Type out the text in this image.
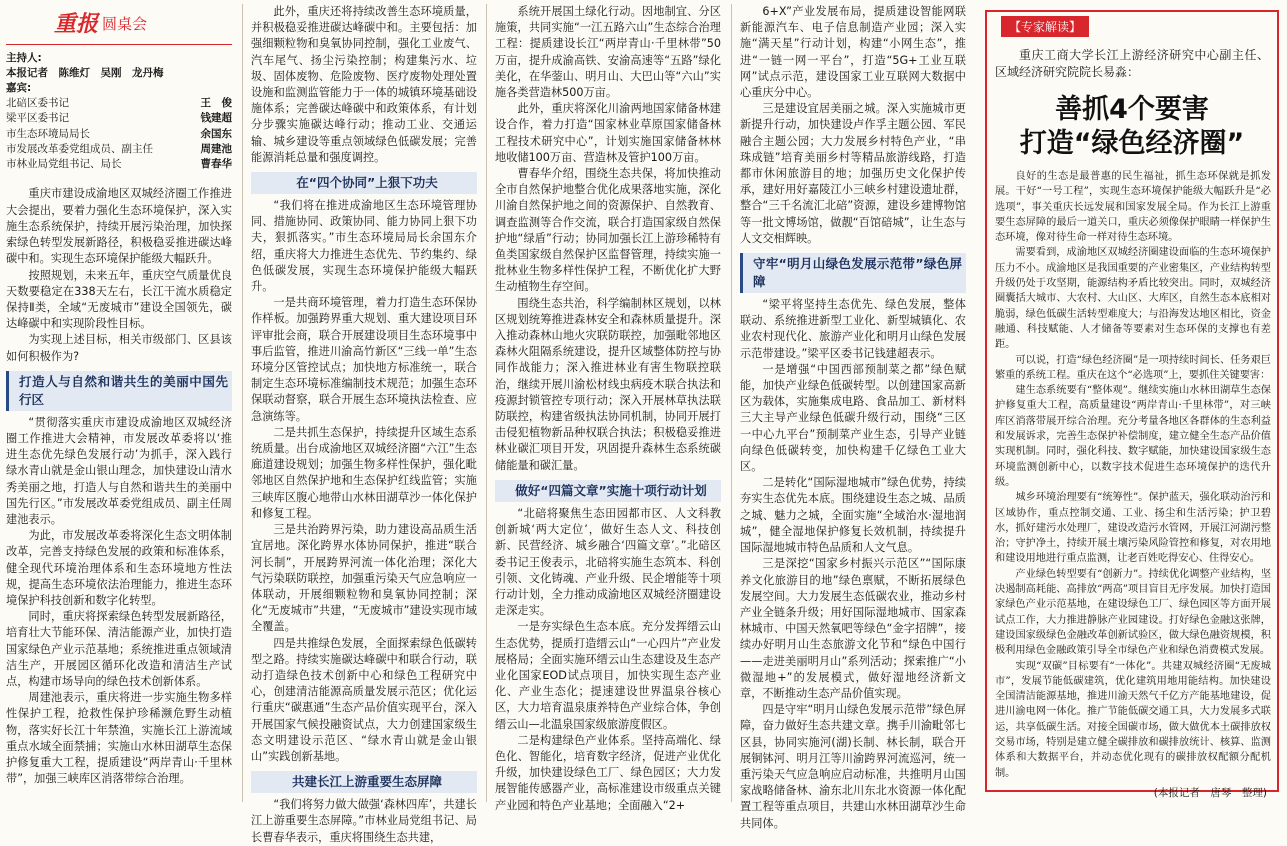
重报 圆桌会
主持人:
本报记者　陈维灯　吴刚　龙丹梅
嘉宾:
北碚区委书记	王　俊
梁平区委书记	钱建超
市生态环境局局长	余国东
市发展改革委党组成员、副主任	周建池
市林业局党组书记、局长	曹春华

重庆市建设成渝地区双城经济圈工作推进大会提出，要着力强化生态环境保护，深入实施生态系统保护，持续开展污染治理，加快探索绿色转型发展新路径，积极稳妥推进碳达峰碳中和。实现生态环境保护能级大幅跃升。

按照规划，未来五年，重庆空气质量优良天数要稳定在338天左右，长江干流水质稳定保持Ⅱ类，全域“无废城市”建设全国领先，碳达峰碳中和实现阶段性目标。

为实现上述目标，相关市级部门、区县该如何积极作为?

打造人与自然和谐共生的美丽中国先行区

“贯彻落实重庆市建设成渝地区双城经济圈工作推进大会精神，市发展改革委将以‘推进生态优先绿色发展行动’为抓手，深入践行绿水青山就是金山银山理念，加快建设山清水秀美丽之地，打造人与自然和谐共生的美丽中国先行区。”市发展改革委党组成员、副主任周建池表示。

为此，市发展改革委将深化生态文明体制改革，完善支持绿色发展的政策和标准体系，健全现代环境治理体系和生态环境地方性法规，提高生态环境依法治理能力，推进生态环境保护科技创新和数字化转型。

同时，重庆将探索绿色转型发展新路径，培育壮大节能环保、清洁能源产业，加快打造国家绿色产业示范基地；系统推进重点领域清洁生产，开展园区循环化改造和清洁生产试点，构建市场导向的绿色技术创新体系。

周建池表示，重庆将进一步实施生物多样性保护工程，抢救性保护珍稀濒危野生动植物，落实好长江十年禁渔，实施长江上游流域重点水域全面禁捕；实施山水林田湖草生态保护修复重大工程，提质建设“两岸青山·千里林带”，加强三峡库区消落带综合治理。

此外，重庆还将持续改善生态环境质量，并积极稳妥推进碳达峰碳中和。主要包括：加强细颗粒物和臭氧协同控制，强化工业废气、汽车尾气、扬尘污染控制；构建集污水、垃圾、固体废物、危险废物、医疗废物处理处置设施和监测监管能力于一体的城镇环境基础设施体系；完善碳达峰碳中和政策体系，有计划分步骤实施碳达峰行动；推动工业、交通运输、城乡建设等重点领域绿色低碳发展；完善能源消耗总量和强度调控。

在“四个协同”上狠下功夫

“我们将在推进成渝地区生态环境管理协同、措施协同、政策协同、能力协同上狠下功夫，狠抓落实。”市生态环境局局长余国东介绍，重庆将大力推进生态优先、节约集约、绿色低碳发展，实现生态环境保护能级大幅跃升。

一是共商环境管理，着力打造生态环保协作样板。加强跨界重大规划、重大建设项目环评审批会商，联合开展建设项目生态环境事中事后监管，推进川渝高竹新区“三线一单”生态环境分区管控试点；加快地方标准统一，联合制定生态环境标准编制技术规范；加强生态环保联动督察，联合开展生态环境执法检查、应急演练等。

二是共抓生态保护，持续提升区域生态系统质量。出台成渝地区双城经济圈“六江”生态廊道建设规划；加强生物多样性保护，强化毗邻地区自然保护地和生态保护红线监管；实施三峡库区腹心地带山水林田湖草沙一体化保护和修复工程。

三是共治跨界污染，助力建设高品质生活宜居地。深化跨界水体协同保护，推进“联合河长制”，开展跨界河流一体化治理；深化大气污染联防联控，加强重污染天气应急响应一体联动，开展细颗粒物和臭氧协同控制；深化“无废城市”共建，“无废城市”建设实现市域全覆盖。

四是共推绿色发展，全面探索绿色低碳转型之路。持续实施碳达峰碳中和联合行动，联动打造绿色技术创新中心和绿色工程研究中心，创建清洁能源高质量发展示范区；优化运行重庆“碳惠通”生态产品价值实现平台，深入开展国家气候投融资试点，大力创建国家级生态文明建设示范区、“绿水青山就是金山银山”实践创新基地。

共建长江上游重要生态屏障

“我们将努力做大做强‘森林四库’，共建长江上游重要生态屏障。”市林业局党组书记、局长曹春华表示，重庆将围绕生态共建，

系统开展国土绿化行动。因地制宜、分区施策，共同实施“一江五路六山”生态综合治理工程：提质建设长江“两岸青山·千里林带”50万亩，提升成渝高铁、安渝高速等“五路”绿化美化，在华蓥山、明月山、大巴山等“六山”实施各类营造林500万亩。

此外，重庆将深化川渝两地国家储备林建设合作，着力打造“国家林业草原国家储备林工程技术研究中心”，计划实施国家储备林林地收储100万亩、营造林及管护100万亩。

曹春华介绍，围绕生态共保，将加快推动全市自然保护地整合优化成果落地实施，深化川渝自然保护地之间的资源保护、自然教育、调查监测等合作交流，联合打造国家级自然保护地“绿盾”行动；协同加强长江上游珍稀特有鱼类国家级自然保护区监督管理，持续实施一批林业生物多样性保护工程，不断优化扩大野生动植物生存空间。

围绕生态共治，科学编制林区规划，以林区规划统筹推进森林安全和森林质量提升。深入推动森林山地火灾联防联控，加强毗邻地区森林火阻隔系统建设，提升区域整体防控与协同作战能力；深入推进林业有害生物联控联治，继续开展川渝松材线虫病疫木联合执法和疫源封锁管控专项行动；深入开展林草执法联防联控，构建省级执法协同机制，协同开展打击侵犯植物新品种权联合执法；积极稳妥推进林业碳汇项目开发，巩固提升森林生态系统碳储能量和碳汇量。

做好“四篇文章”实施十项行动计划

“北碚将聚焦生态田园都市区、人文科教创新城‘两大定位’，做好生态人文、科技创新、民营经济、城乡融合‘四篇文章’。”北碚区委书记王俊表示，北碚将实施生态筑本、科创引领、文化铸魂、产业升级、民企增能等十项行动计划，全力推动成渝地区双城经济圈建设走深走实。

一是夯实绿色生态本底。充分发挥缙云山生态优势，提质打造缙云山“一心四片”产业发展格局；全面实施环缙云山生态建设及生态产业化国家EOD试点项目，加快实现生态产业化、产业生态化；提速建设世界温泉谷核心区，大力培育温泉康养特色产业综合体，争创缙云山—北温泉国家级旅游度假区。

二是构建绿色产业体系。坚持高端化、绿色化、智能化，培育数字经济，促进产业优化升级，加快建设绿色工厂、绿色园区；大力发展智能传感器产业，高标准建设市级重点关键产业园和特色产业基地；全面融入“2+

6+X”产业发展布局，提质建设智能网联新能源汽车、电子信息制造产业园；深入实施“满天星”行动计划，构建“小网生态”，推进“一链一网一平台”，打造“5G+工业互联网”试点示范，建设国家工业互联网大数据中心重庆分中心。

三是建设宜居美丽之城。深入实施城市更新提升行动，加快建设卢作孚主题公园、军民融合主题公园；大力发展乡村特色产业，“串珠成链”培育美丽乡村等精品旅游线路，打造都市休闲旅游目的地；加强历史文化保护传承，建好用好嘉陵江小三峡乡村建设遗址群，整合“三千名流汇北碚”资源，建设乡建博物馆等一批文博场馆，做靓“百馆碚城”，让生态与人文交相辉映。

守牢“明月山绿色发展示范带”绿色屏障

“梁平将坚持生态优先、绿色发展，整体联动、系统推进新型工业化、新型城镇化、农业农村现代化、旅游产业化和明月山绿色发展示范带建设。”梁平区委书记钱建超表示。

一是增强“中国西部预制菜之都”绿色赋能，加快产业绿色低碳转型。以创建国家高新区为载体，实施集成电路、食品加工、新材料三大主导产业绿色低碳升级行动，围绕“三区一中心九平台”预制菜产业生态，引导产业链向绿色低碳转变，加快构建千亿绿色工业大区。

二是转化“国际湿地城市”绿色优势，持续夯实生态优先本底。围绕建设生态之城、品质之城、魅力之城，全面实施“全域治水·湿地润城”，健全湿地保护修复长效机制，持续提升国际湿地城市特色品质和人文气息。

三是深挖“国家乡村振兴示范区”“国际康养文化旅游目的地”绿色禀赋，不断拓展绿色发展空间。大力发展生态低碳农业，推动乡村产业全链条升级；用好国际湿地城市、国家森林城市、中国天然氧吧等绿色“金字招牌”，接续办好明月山生态旅游文化节和“绿色中国行——走进美丽明月山”系列活动；探索推广“小微湿地+”的发展模式，做好湿地经济新文章，不断推动生态产品价值实现。

四是守牢“明月山绿色发展示范带”绿色屏障，奋力做好生态共建文章。携手川渝毗邻七区县，协同实施河(湖)长制、林长制，联合开展铜钵河、明月江等川渝跨界河流巡河，统一重污染天气应急响应启动标准，共推明月山国家战略储备林、渝东北川东北水资源一体化配置工程等重点项目，共建山水林田湖草沙生命共同体。

【专家解读】
重庆工商大学长江上游经济研究中心副主任、区域经济研究院院长易淼：
善抓4个要害
打造“绿色经济圈”

良好的生态是最普惠的民生福祉，抓生态环保就是抓发展。干好“一号工程”，实现生态环境保护能级大幅跃升是“必选项”，事关重庆长远发展和国家发展全局。作为长江上游重要生态屏障的最后一道关口，重庆必须像保护眼睛一样保护生态环境，像对待生命一样对待生态环境。

需要看到，成渝地区双城经济圈建设面临的生态环境保护压力不小。成渝地区是我国重要的产业密集区，产业结构转型升级仍处于攻坚期，能源结构矛盾比较突出。同时，双城经济圈囊括大城市、大农村、大山区、大库区，自然生态本底相对脆弱，绿色低碳生活转型难度大；与沿海发达地区相比，资金融通、科技赋能、人才储备等要素对生态环保的支撑也有差距。

可以说，打造“绿色经济圈”是一项持续时间长、任务艰巨繁重的系统工程。重庆在这个“必选项”上，要抓住关键要害：

建生态系统要有“整体观”。继续实施山水林田湖草生态保护修复重大工程，高质量建设“两岸青山·千里林带”，对三峡库区消落带展开综合治理。充分考量各地区各群体的生态利益和发展诉求，完善生态保护补偿制度，建立健全生态产品价值实现机制。同时，强化科技、数字赋能，加快建设国家级生态环境监测创新中心，以数字技术促进生态环境保护的迭代升级。

城乡环境治理要有“统筹性”。保护蓝天，强化联动治污和区域协作，重点控制交通、工业、扬尘和生活污染；护卫碧水，抓好建污水处理厂，建设改造污水管网，开展江河湖污整治；守护净土，持续开展土壤污染风险管控和修复，对农用地和建设用地进行重点监测，让老百姓吃得安心、住得安心。

产业绿色转型要有“创新力”。持续优化调整产业结构，坚决遏制高耗能、高排放“两高”项目盲目无序发展。加快打造国家绿色产业示范基地，在建设绿色工厂、绿色园区等方面开展试点工作，大力推进静脉产业园建设。打好绿色金融这张牌，建设国家级绿色金融改革创新试验区，做大绿色融资规模，积极利用绿色金融政策引导全市绿色产业和绿色消费模式发展。

实现“双碳”目标要有“一体化”。共建双城经济圈“无废城市”，发展节能低碳建筑，优化建筑用地用能结构。加快建设全国清洁能源基地，推进川渝天然气千亿方产能基地建设，促进川渝电网一体化。推广节能低碳交通工具，大力发展多式联运，共享低碳生活。对接全国碳市场，做大做优本土碳排放权交易市场，特别是建立健全碳排放和碳排放统计、核算、监测体系和大数据平台，并动态优化现有的碳排放权配额分配机制。

(本报记者　唐琴　整理)
